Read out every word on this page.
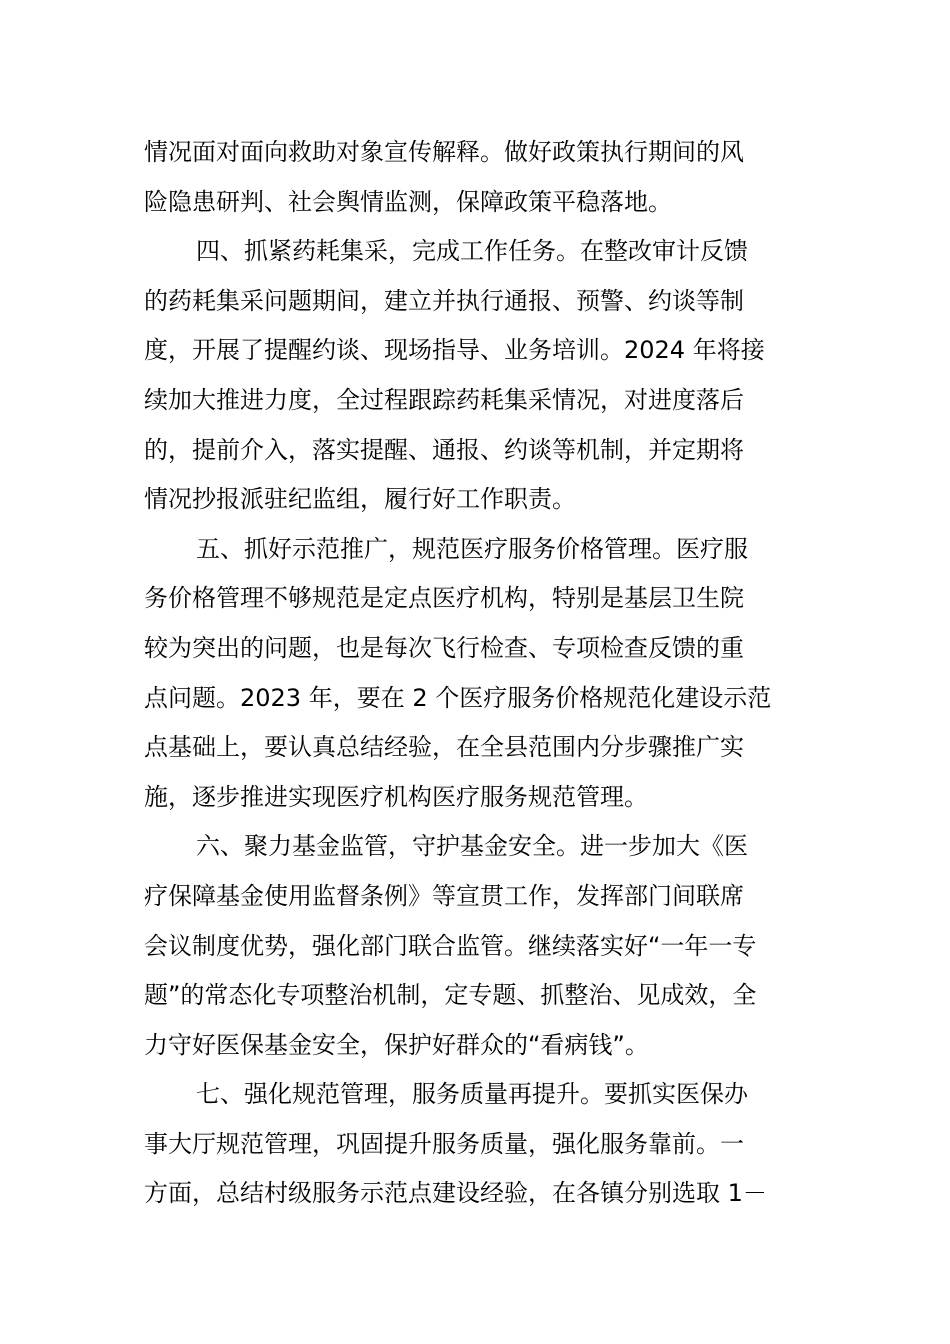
情况面对面向救助对象宣传解释。做好政策执行期间的风
险隐患研判、社会舆情监测，保障政策平稳落地。
四、抓紧药耗集采，完成工作任务。在整改审计反馈
的药耗集采问题期间，建立并执行通报、预警、约谈等制
度，开展了提醒约谈、现场指导、业务培训。2024 年将接
续加大推进力度，全过程跟踪药耗集采情况，对进度落后
的，提前介入，落实提醒、通报、约谈等机制，并定期将
情况抄报派驻纪监组，履行好工作职责。
五、抓好示范推广，规范医疗服务价格管理。医疗服
务价格管理不够规范是定点医疗机构，特别是基层卫生院
较为突出的问题，也是每次飞行检查、专项检查反馈的重
点问题。2023 年，要在 2 个医疗服务价格规范化建设示范
点基础上，要认真总结经验，在全县范围内分步骤推广实
施，逐步推进实现医疗机构医疗服务规范管理。
六、聚力基金监管，守护基金安全。进一步加大《医
疗保障基金使用监督条例》等宣贯工作，发挥部门间联席
会议制度优势，强化部门联合监管。继续落实好“一年一专
题”的常态化专项整治机制，定专题、抓整治、见成效，全
力守好医保基金安全，保护好群众的“看病钱”。
七、强化规范管理，服务质量再提升。要抓实医保办
事大厅规范管理，巩固提升服务质量，强化服务靠前。一
方面，总结村级服务示范点建设经验，在各镇分别选取 1－
